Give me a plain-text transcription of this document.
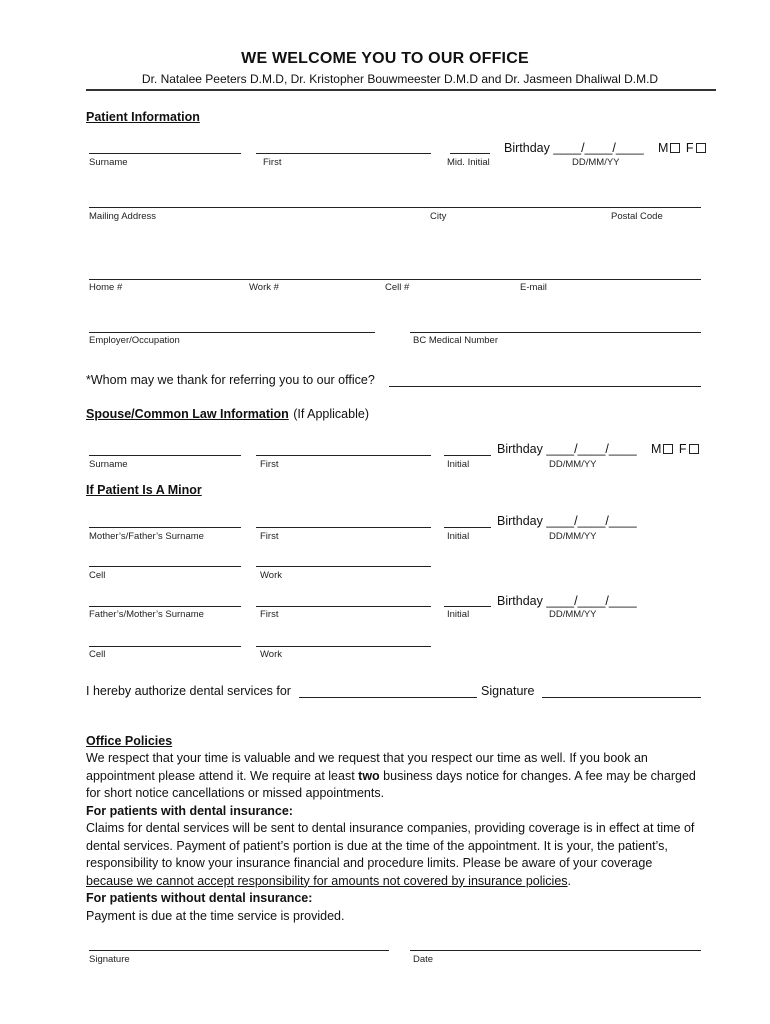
WE WELCOME YOU TO OUR OFFICE
Dr. Natalee Peeters D.M.D, Dr. Kristopher Bouwmeester D.M.D and Dr. Jasmeen Dhaliwal D.M.D
Patient Information
Birthday ____/____/____ M F
Surname	First	Mid. Initial	DD/MM/YY
Mailing Address	City	Postal Code
Home #	Work #	Cell #	E-mail
Employer/Occupation	BC Medical Number
*Whom may we thank for referring you to our office?
Spouse/Common Law Information (If Applicable)
Birthday ____/____/____ M F
Surname	First	Initial	DD/MM/YY
If Patient Is A Minor
Birthday ____/____/____
Mother’s/Father’s Surname	First	Initial	DD/MM/YY
Cell	Work
Birthday ____/____/____
Father’s/Mother’s Surname	First	Initial	DD/MM/YY
Cell	Work
I hereby authorize dental services for	Signature
Office Policies
We respect that your time is valuable and we request that you respect our time as well. If you book an
appointment please attend it. We require at least two business days notice for changes. A fee may be charged
for short notice cancellations or missed appointments.
For patients with dental insurance:
Claims for dental services will be sent to dental insurance companies, providing coverage is in effect at time of
dental services. Payment of patient’s portion is due at the time of the appointment. It is your, the patient’s,
responsibility to know your insurance financial and procedure limits. Please be aware of your coverage
because we cannot accept responsibility for amounts not covered by insurance policies.
For patients without dental insurance:
Payment is due at the time service is provided.
Signature	Date
